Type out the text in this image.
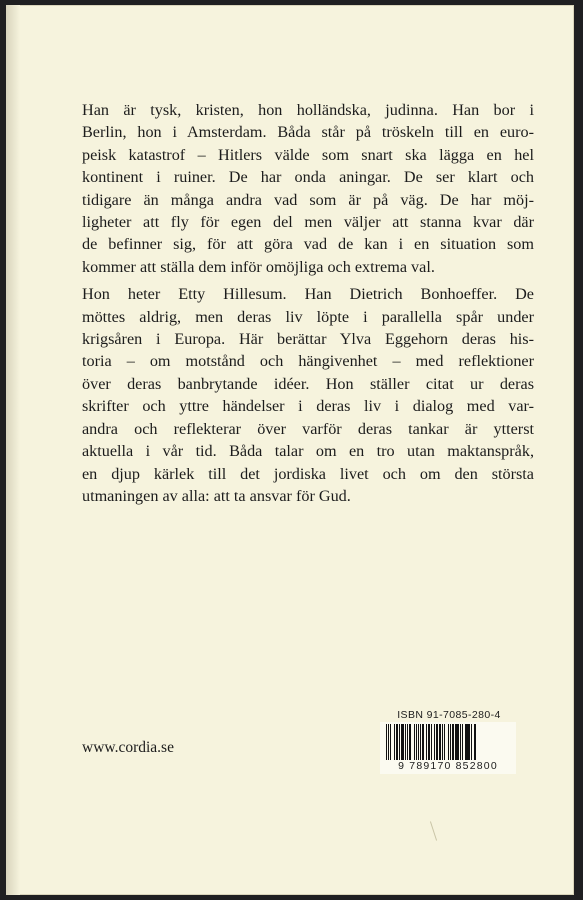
Han är tysk, kristen, hon holländska, judinna. Han bor i
Berlin, hon i Amsterdam. Båda står på tröskeln till en euro-
peisk katastrof – Hitlers välde som snart ska lägga en hel
kontinent i ruiner. De har onda aningar. De ser klart och
tidigare än många andra vad som är på väg. De har möj-
ligheter att fly för egen del men väljer att stanna kvar där
de befinner sig, för att göra vad de kan i en situation som
kommer att ställa dem inför omöjliga och extrema val.

Hon heter Etty Hillesum. Han Dietrich Bonhoeffer. De
möttes aldrig, men deras liv löpte i parallella spår under
krigsåren i Europa. Här berättar Ylva Eggehorn deras his-
toria – om motstånd och hängivenhet – med reflektioner
över deras banbrytande idéer. Hon ställer citat ur deras
skrifter och yttre händelser i deras liv i dialog med var-
andra och reflekterar över varför deras tankar är ytterst
aktuella i vår tid. Båda talar om en tro utan maktanspråk,
en djup kärlek till det jordiska livet och om den största
utmaningen av alla: att ta ansvar för Gud.

www.cordia.se
ISBN 91-7085-280-4
9 789170 852800
